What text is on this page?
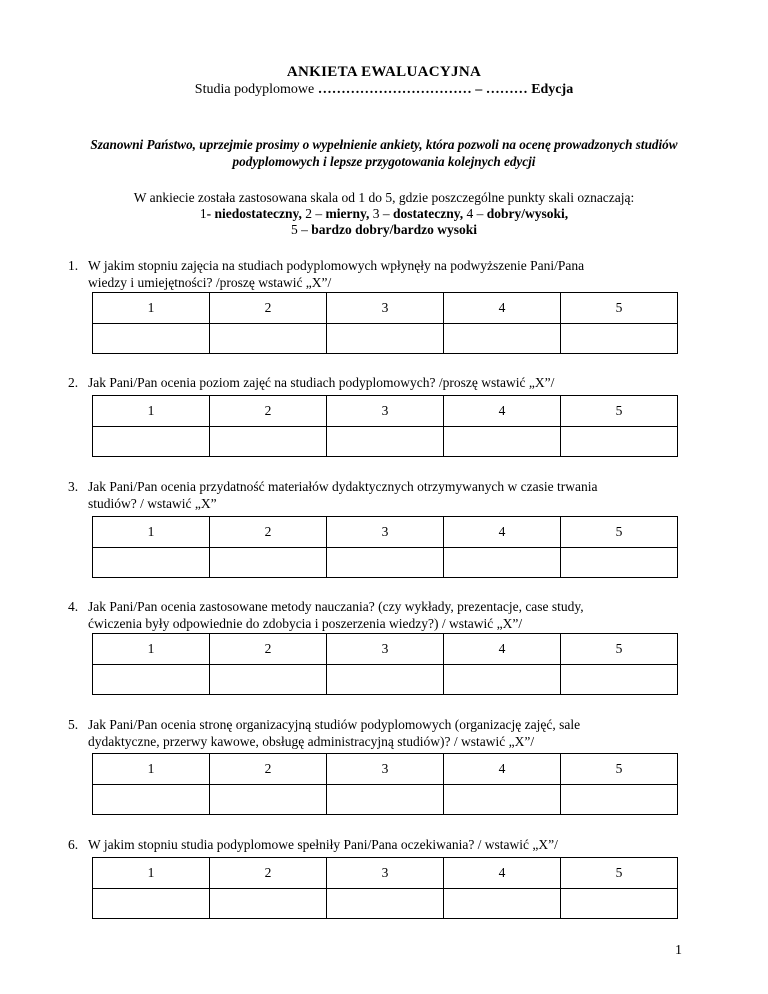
ANKIETA EWALUACYJNA
Studia podyplomowe …………………………… – ……… Edycja
Szanowni Państwo, uprzejmie prosimy o wypełnienie ankiety, która pozwoli na ocenę prowadzonych studiów podyplomowych i lepsze przygotowania kolejnych edycji
W ankiecie została zastosowana skala od 1 do 5, gdzie poszczególne punkty skali oznaczają:
1- niedostateczny, 2 – mierny, 3 – dostateczny, 4 – dobry/wysoki,
5 – bardzo dobry/bardzo wysoki
1. W jakim stopniu zajęcia na studiach podyplomowych wpłynęły na podwyższenie Pani/Pana
wiedzy i umiejętności? /proszę wstawić „X”/
1	2	3	4	5

2. Jak Pani/Pan ocenia poziom zajęć na studiach podyplomowych? /proszę wstawić „X”/
1	2	3	4	5

3. Jak Pani/Pan ocenia przydatność materiałów dydaktycznych otrzymywanych w czasie trwania
studiów? / wstawić „X”
1	2	3	4	5

4. Jak Pani/Pan ocenia zastosowane metody nauczania? (czy wykłady, prezentacje, case study,
ćwiczenia były odpowiednie do zdobycia i poszerzenia wiedzy?) / wstawić „X”/
1	2	3	4	5

5. Jak Pani/Pan ocenia stronę organizacyjną studiów podyplomowych (organizację zajęć, sale
dydaktyczne, przerwy kawowe, obsługę administracyjną studiów)? / wstawić „X”/
1	2	3	4	5

6. W jakim stopniu studia podyplomowe spełniły Pani/Pana oczekiwania? / wstawić „X”/
1	2	3	4	5

1
